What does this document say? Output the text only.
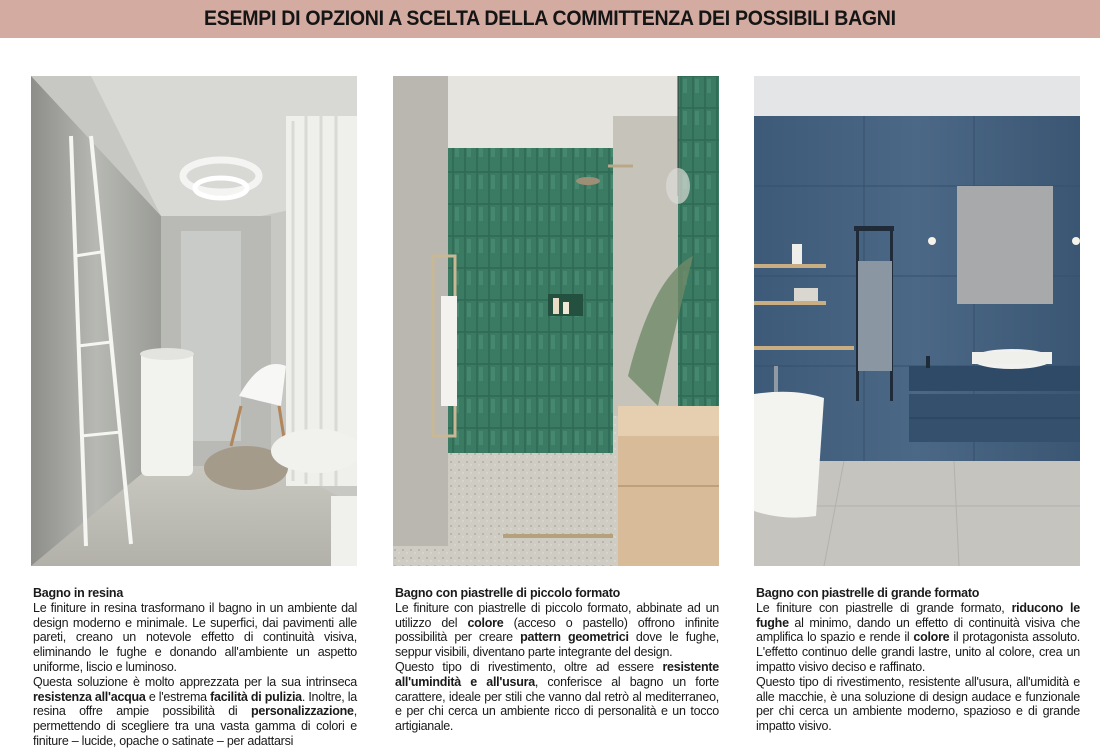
ESEMPI DI OPZIONI A SCELTA DELLA COMMITTENZA DEI POSSIBILI BAGNI
Bagno in resina

Le finiture in resina trasformano il bagno in un ambiente dal design moderno e minimale. Le superfici, dai pavimenti alle pareti, creano un notevole effetto di continuità visiva, eliminando le fughe e donando all'ambiente un aspetto uniforme, liscio e luminoso.

Questa soluzione è molto apprezzata per la sua intrinseca resistenza all'acqua e l'estrema facilità di pulizia. Inoltre, la resina offre ampie possibilità di personalizzazione, permettendo di scegliere tra una vasta gamma di colori e finiture – lucide, opache o satinate – per adattarsi

Bagno con piastrelle di piccolo formato

Le finiture con piastrelle di piccolo formato, abbinate ad un utilizzo del colore (acceso o pastello) offrono infinite possibilità per creare pattern geometrici dove le fughe, seppur visibili, diventano parte integrante del design.

Questo tipo di rivestimento, oltre ad essere resistente all'umindità e all'usura, conferisce al bagno un forte carattere, ideale per stili che vanno dal retrò al mediterraneo, e per chi cerca un ambiente ricco di personalità e un tocco artigianale.

Bagno con piastrelle di grande formato

Le finiture con piastrelle di grande formato, riducono le fughe al minimo, dando un effetto di continuità visiva che amplifica lo spazio e rende il colore il protagonista assoluto. L'effetto continuo delle grandi lastre, unito al colore, crea un impatto visivo deciso e raffinato.

Questo tipo di rivestimento, resistente all'usura, all'umidità e alle macchie, è una soluzione di design audace e funzionale per chi cerca un ambiente moderno, spazioso e di grande impatto visivo.
